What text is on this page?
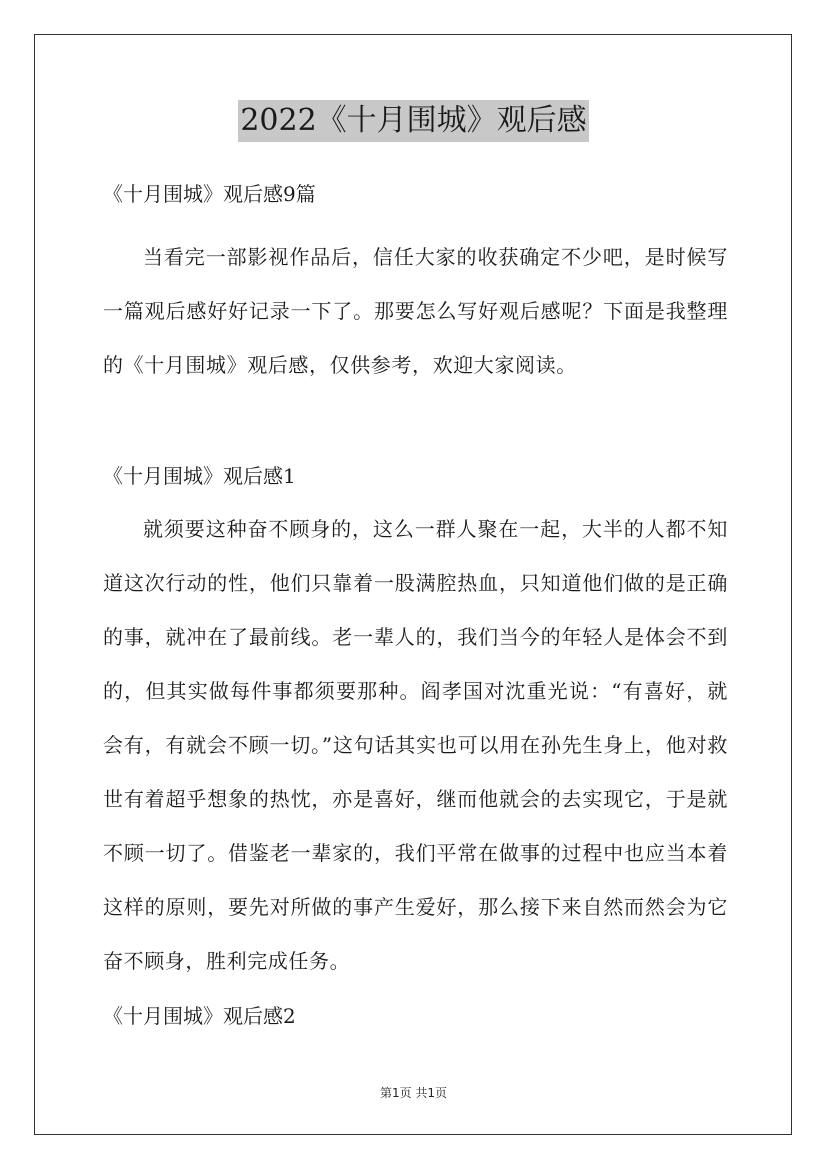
2022《十月围城》观后感

《十月围城》观后感9篇

当看完一部影视作品后，信任大家的收获确定不少吧，是时候写一篇观后感好好记录一下了。那要怎么写好观后感呢？下面是我整理的《十月围城》观后感，仅供参考，欢迎大家阅读。

《十月围城》观后感1

就须要这种奋不顾身的，这么一群人聚在一起，大半的人都不知道这次行动的性，他们只靠着一股满腔热血，只知道他们做的是正确的事，就冲在了最前线。老一辈人的，我们当今的年轻人是体会不到的，但其实做每件事都须要那种。阎孝国对沈重光说：“有喜好，就会有，有就会不顾一切。”这句话其实也可以用在孙先生身上，他对救世有着超乎想象的热忱，亦是喜好，继而他就会的去实现它，于是就不顾一切了。借鉴老一辈家的，我们平常在做事的过程中也应当本着这样的原则，要先对所做的事产生爱好，那么接下来自然而然会为它奋不顾身，胜利完成任务。

《十月围城》观后感2

第1页 共1页
